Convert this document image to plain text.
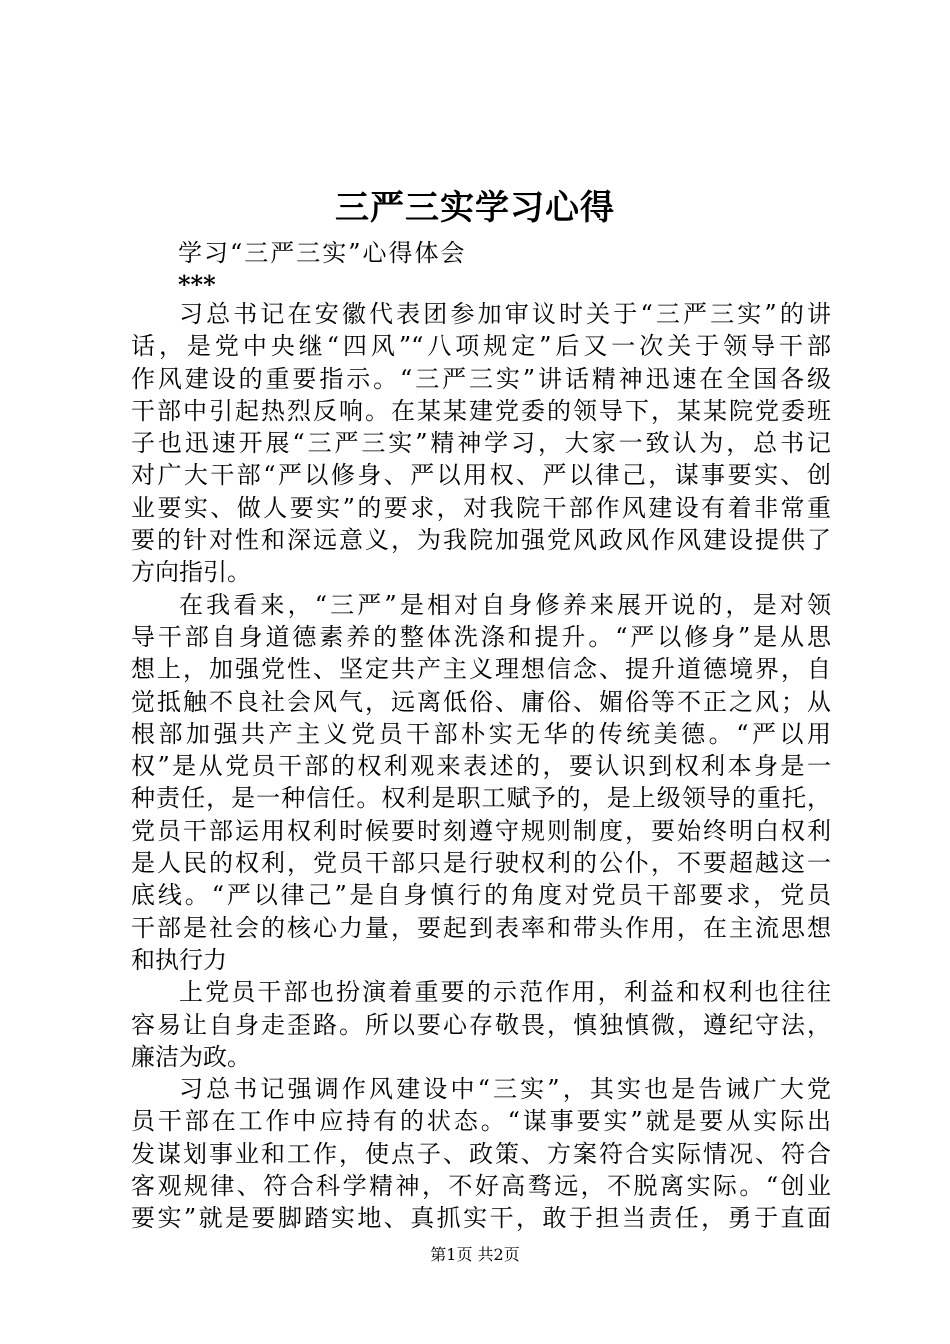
三严三实学习心得
学习“三严三实”心得体会
***
习总书记在安徽代表团参加审议时关于“三严三实”的讲
话，是党中央继“四风”“八项规定”后又一次关于领导干部
作风建设的重要指示。“三严三实”讲话精神迅速在全国各级
干部中引起热烈反响。在某某建党委的领导下，某某院党委班
子也迅速开展“三严三实”精神学习，大家一致认为，总书记
对广大干部“严以修身、严以用权、严以律己，谋事要实、创
业要实、做人要实”的要求，对我院干部作风建设有着非常重
要的针对性和深远意义，为我院加强党风政风作风建设提供了
方向指引。
在我看来，“三严”是相对自身修养来展开说的，是对领
导干部自身道德素养的整体洗涤和提升。“严以修身”是从思
想上，加强党性、坚定共产主义理想信念、提升道德境界，自
觉抵触不良社会风气，远离低俗、庸俗、媚俗等不正之风；从
根部加强共产主义党员干部朴实无华的传统美德。“严以用
权”是从党员干部的权利观来表述的，要认识到权利本身是一
种责任，是一种信任。权利是职工赋予的，是上级领导的重托，
党员干部运用权利时候要时刻遵守规则制度，要始终明白权利
是人民的权利，党员干部只是行驶权利的公仆，不要超越这一
底线。“严以律己”是自身慎行的角度对党员干部要求，党员
干部是社会的核心力量，要起到表率和带头作用，在主流思想
和执行力
上党员干部也扮演着重要的示范作用，利益和权利也往往
容易让自身走歪路。所以要心存敬畏，慎独慎微，遵纪守法，
廉洁为政。
习总书记强调作风建设中“三实”，其实也是告诫广大党
员干部在工作中应持有的状态。“谋事要实”就是要从实际出
发谋划事业和工作，使点子、政策、方案符合实际情况、符合
客观规律、符合科学精神，不好高骛远，不脱离实际。“创业
要实”就是要脚踏实地、真抓实干，敢于担当责任，勇于直面
第1页 共2页
